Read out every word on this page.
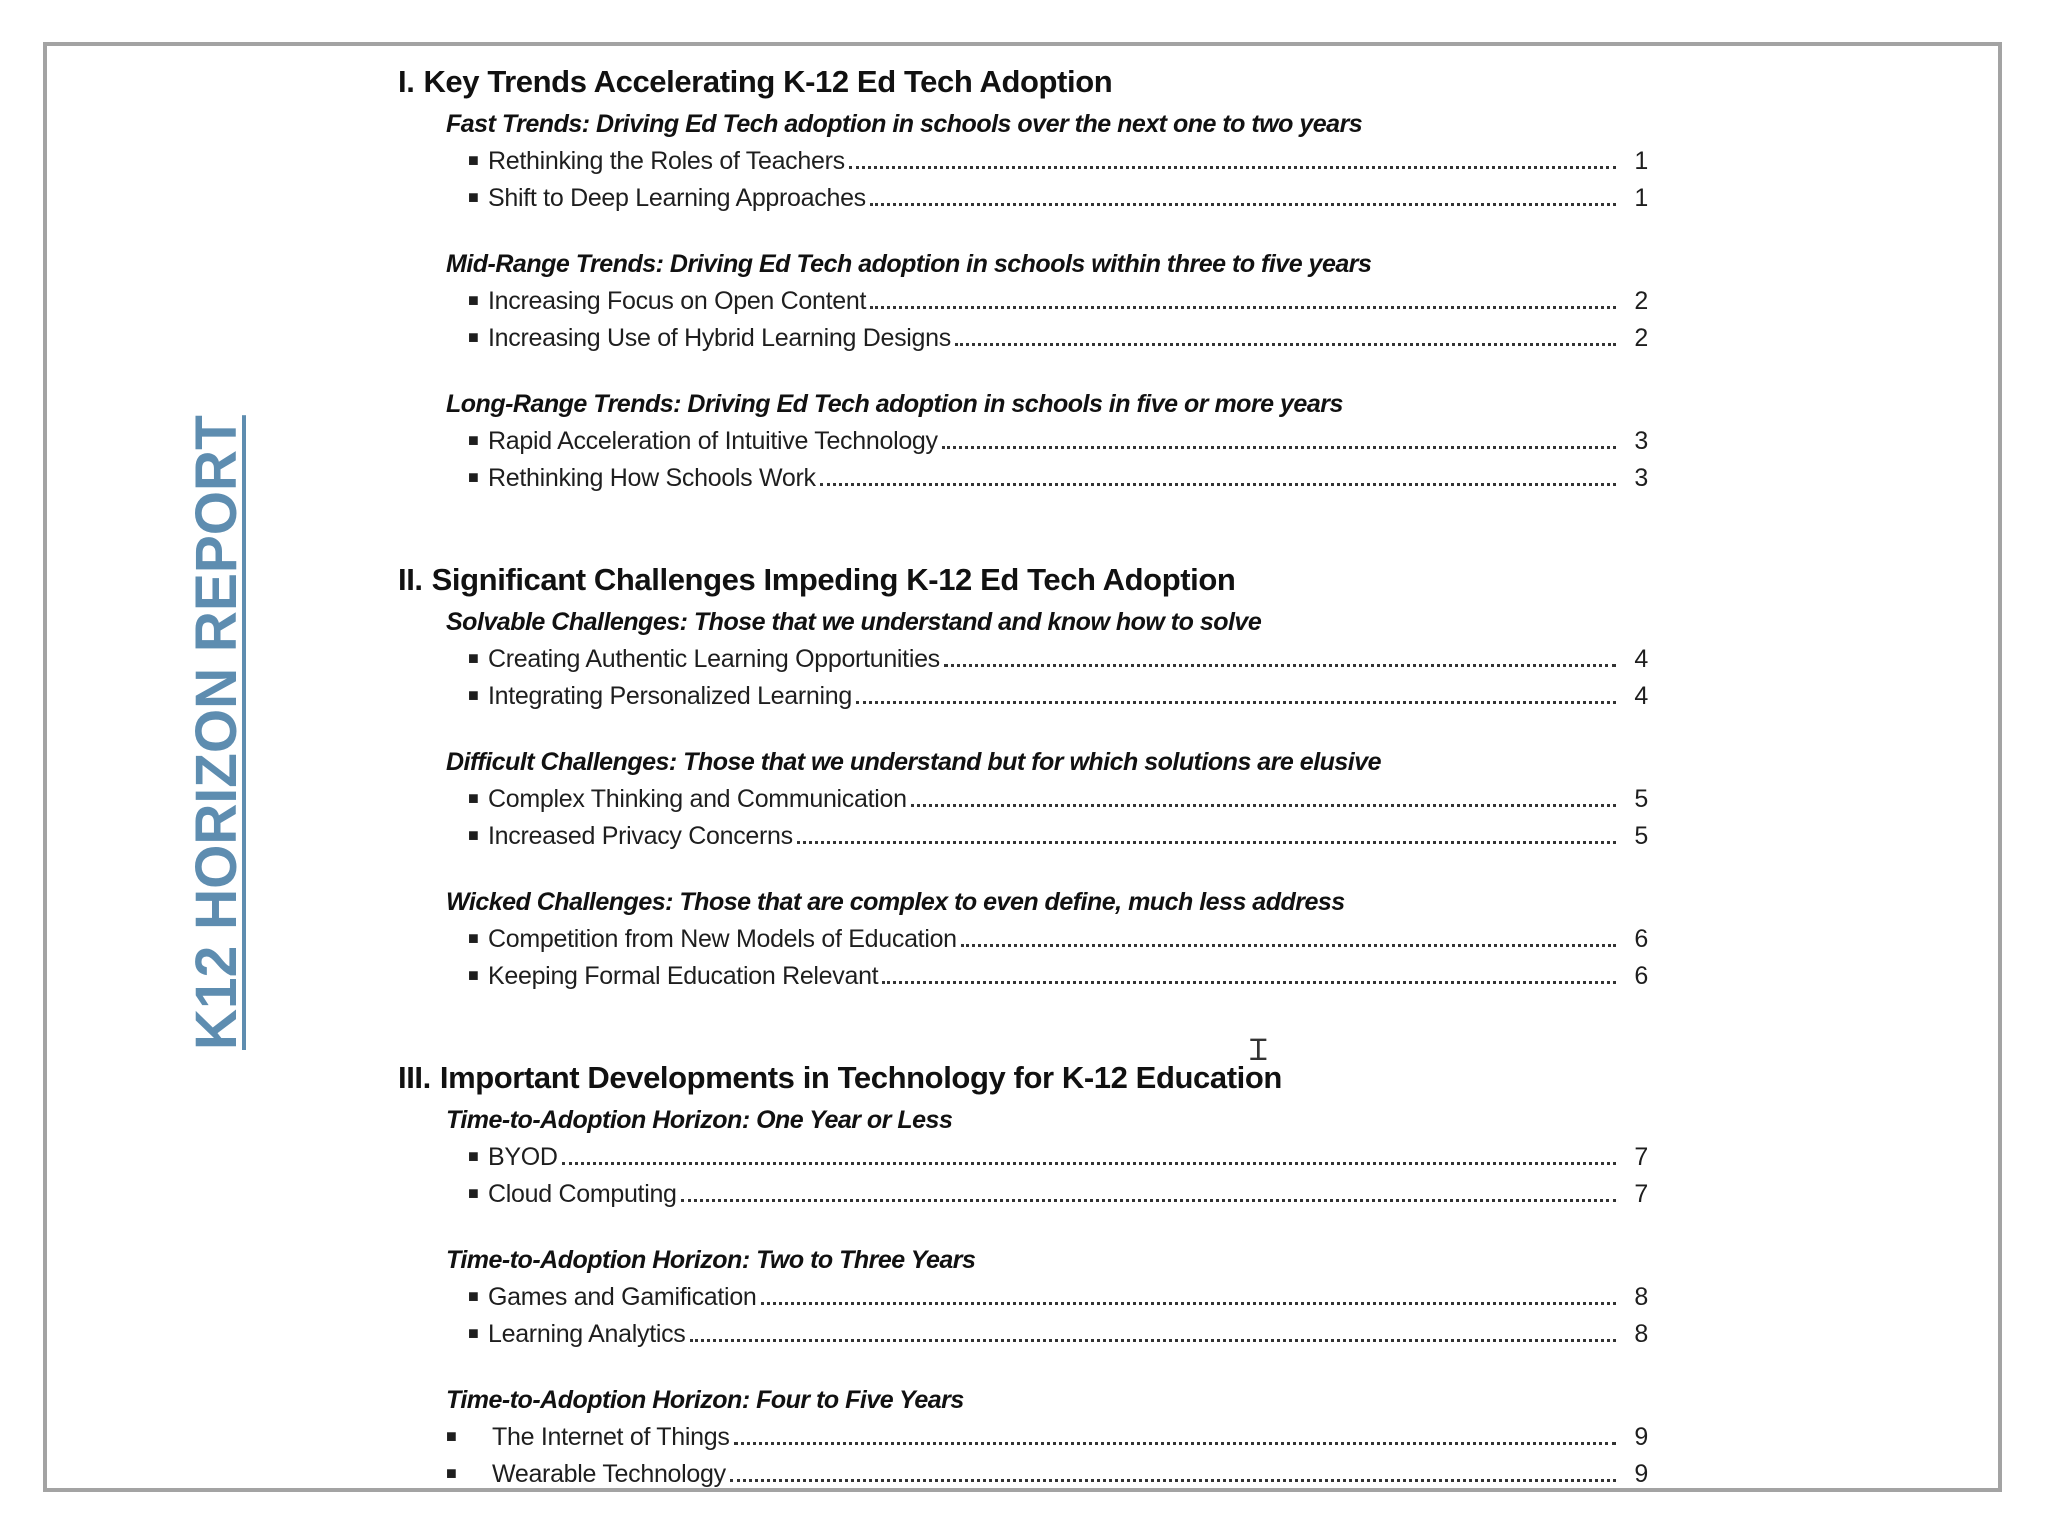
K12 HORIZON REPORT
I. Key Trends Accelerating K-12 Ed Tech Adoption
Fast Trends: Driving Ed Tech adoption in schools over the next one to two years
■ Rethinking the Roles of Teachers	1
■ Shift to Deep Learning Approaches	1
Mid-Range Trends: Driving Ed Tech adoption in schools within three to five years
■ Increasing Focus on Open Content	2
■ Increasing Use of Hybrid Learning Designs	2
Long-Range Trends: Driving Ed Tech adoption in schools in five or more years
■ Rapid Acceleration of Intuitive Technology	3
■ Rethinking How Schools Work	3
II. Significant Challenges Impeding K-12 Ed Tech Adoption
Solvable Challenges: Those that we understand and know how to solve
■ Creating Authentic Learning Opportunities	4
■ Integrating Personalized Learning	4
Difficult Challenges: Those that we understand but for which solutions are elusive
■ Complex Thinking and Communication	5
■ Increased Privacy Concerns	5
Wicked Challenges: Those that are complex to even define, much less address
■ Competition from New Models of Education	6
■ Keeping Formal Education Relevant	6
III. Important Developments in Technology for K-12 Education
Time-to-Adoption Horizon: One Year or Less
■ BYOD	7
■ Cloud Computing	7
Time-to-Adoption Horizon: Two to Three Years
■ Games and Gamification	8
■ Learning Analytics	8
Time-to-Adoption Horizon: Four to Five Years
■	The Internet of Things	9
■	Wearable Technology	9
Ɪ
